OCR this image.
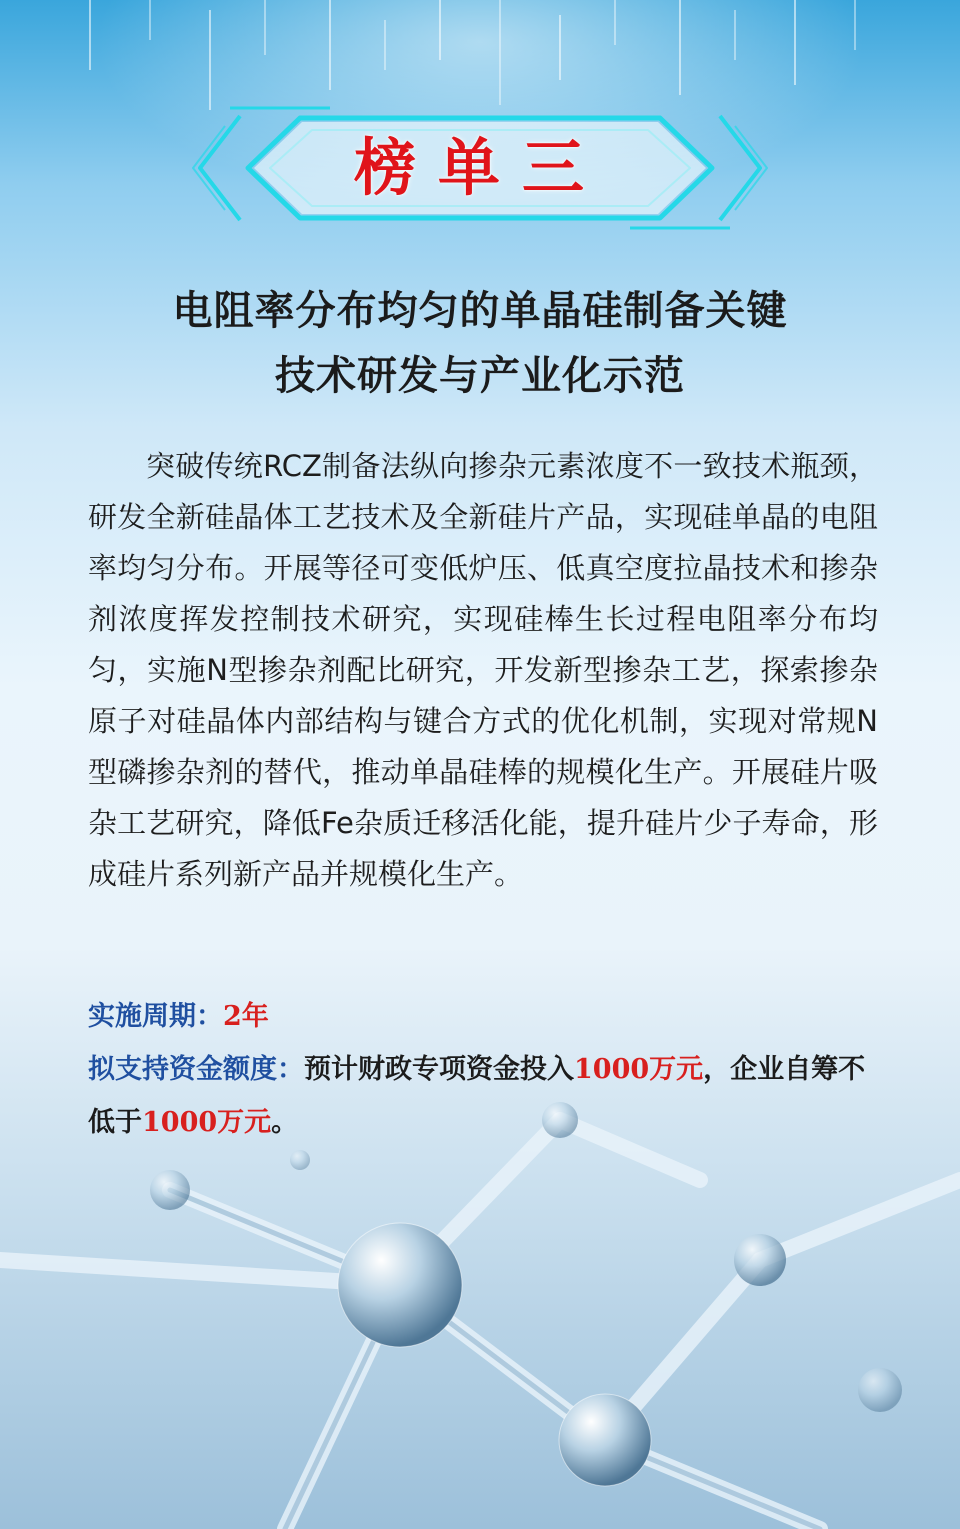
榜单三
电阻率分布均匀的单晶硅制备关键
技术研发与产业化示范
突破传统RCZ制备法纵向掺杂元素浓度不一致技术瓶颈，研发全新硅晶体工艺技术及全新硅片产品，实现硅单晶的电阻率均匀分布。开展等径可变低炉压、低真空度拉晶技术和掺杂剂浓度挥发控制技术研究，实现硅棒生长过程电阻率分布均匀，实施N型掺杂剂配比研究，开发新型掺杂工艺，探索掺杂原子对硅晶体内部结构与键合方式的优化机制，实现对常规N型磷掺杂剂的替代，推动单晶硅棒的规模化生产。开展硅片吸杂工艺研究，降低Fe杂质迁移活化能，提升硅片少子寿命，形成硅片系列新产品并规模化生产。
实施周期：2年
拟支持资金额度：预计财政专项资金投入1000万元，企业自筹不低于1000万元。
